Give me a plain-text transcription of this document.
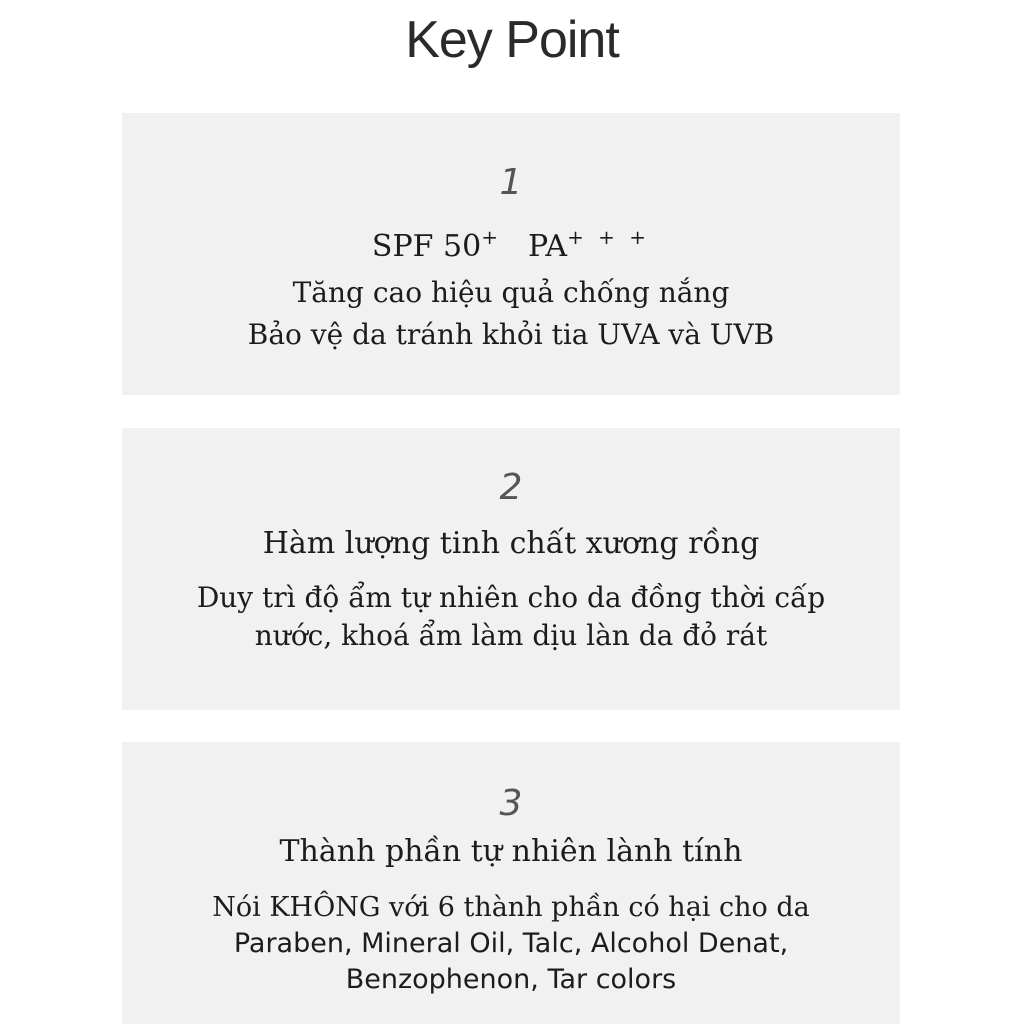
Key Point
1
SPF 50+ PA+ + +
Tăng cao hiệu quả chống nắng
Bảo vệ da tránh khỏi tia UVA và UVB
2
Hàm lượng tinh chất xương rồng
Duy trì độ ẩm tự nhiên cho da đồng thời cấp
nước, khoá ẩm làm dịu làn da đỏ rát
3
Thành phần tự nhiên lành tính
Nói KHÔNG với 6 thành phần có hại cho da
Paraben, Mineral Oil, Talc, Alcohol Denat,
Benzophenon, Tar colors
